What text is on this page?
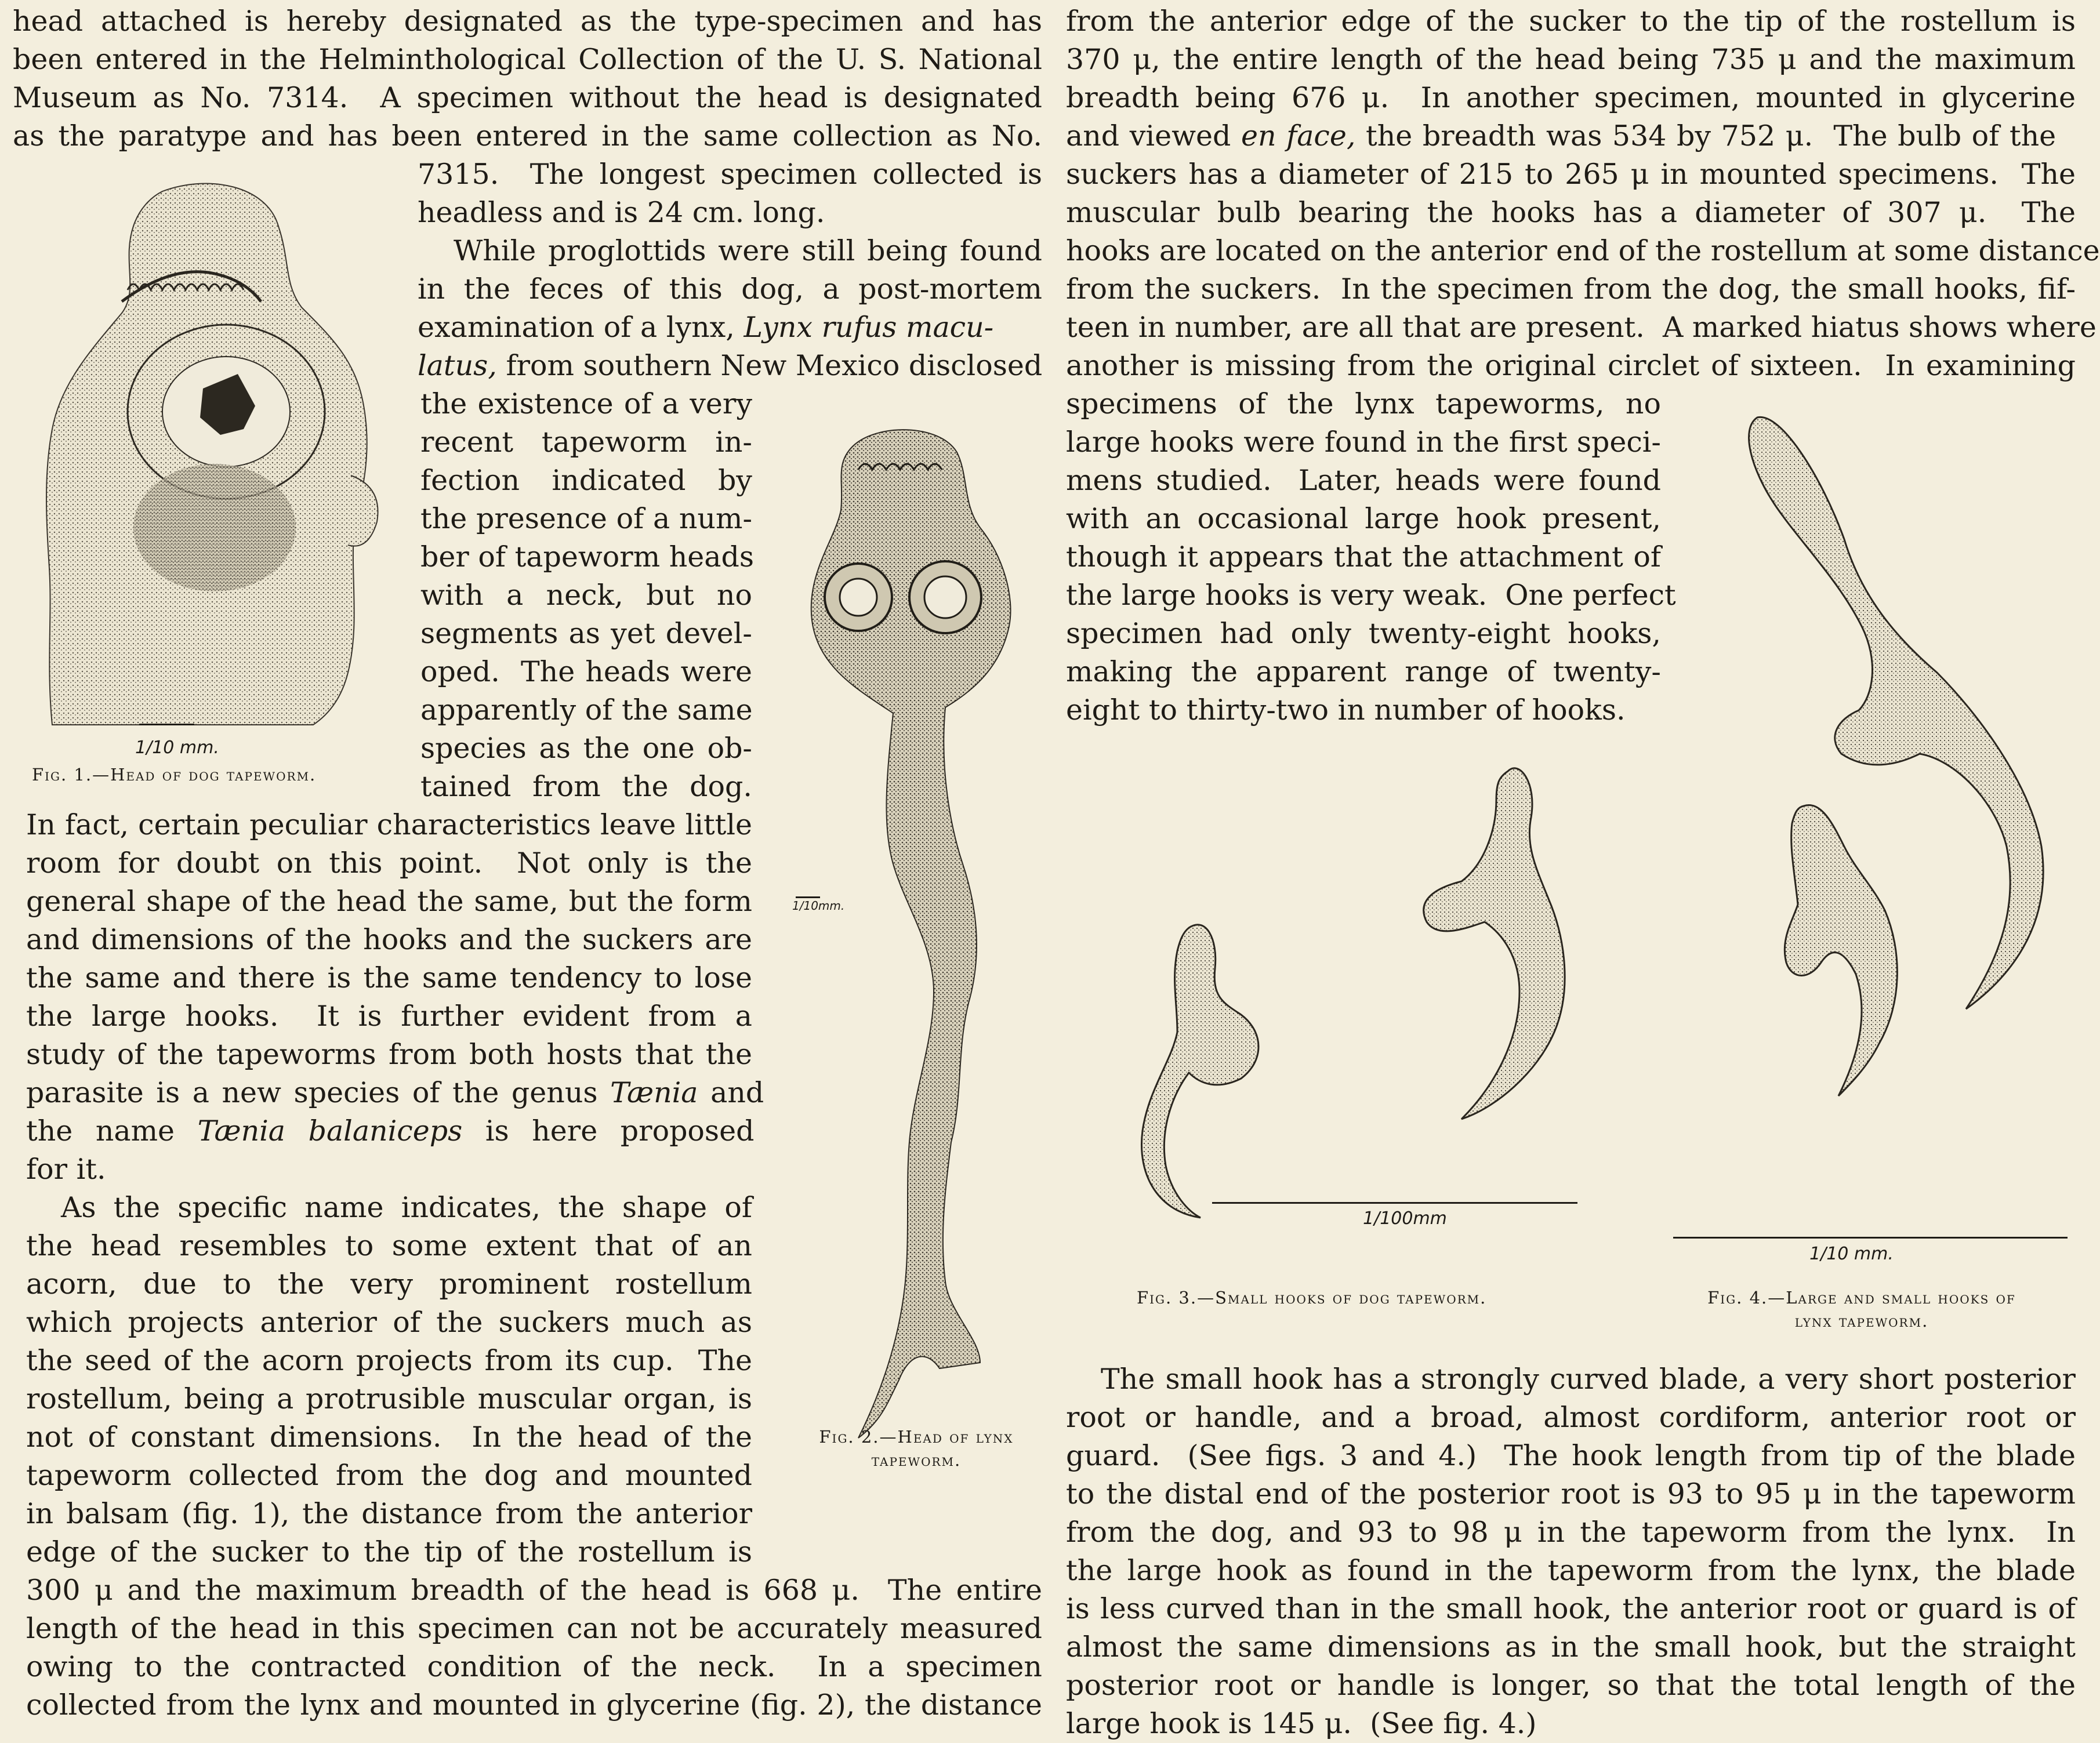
head attached is hereby designated as the type-specimen and has
been entered in the Helminthological Collection of the U. S. National
Museum as No. 7314.  A specimen without the head is designated
as the paratype and has been entered in the same collection as No.
7315.  The longest specimen collected is
headless and is 24 cm. long.
While proglottids were still being found
in the feces of this dog, a post-mortem
examination of a lynx, Lynx rufus macu-
latus, from southern New Mexico disclosed
the existence of a very
recent tapeworm in-
fection indicated by
the presence of a num-
ber of tapeworm heads
with a neck, but no
segments as yet devel-
oped.  The heads were
apparently of the same
species as the one ob-
tained from the dog.
In fact, certain peculiar characteristics leave little
room for doubt on this point.  Not only is the
general shape of the head the same, but the form
and dimensions of the hooks and the suckers are
the same and there is the same tendency to lose
the large hooks.  It is further evident from a
study of the tapeworms from both hosts that the
parasite is a new species of the genus Tænia and
the name Tænia balaniceps is here proposed
for it.
As the specific name indicates, the shape of
the head resembles to some extent that of an
acorn, due to the very prominent rostellum
which projects anterior of the suckers much as
the seed of the acorn projects from its cup.  The
rostellum, being a protrusible muscular organ, is
not of constant dimensions.  In the head of the
tapeworm collected from the dog and mounted
in balsam (fig. 1), the distance from the anterior
edge of the sucker to the tip of the rostellum is
300 μ and the maximum breadth of the head is 668 μ.  The entire
length of the head in this specimen can not be accurately measured
owing to the contracted condition of the neck.  In a specimen
collected from the lynx and mounted in glycerine (fig. 2), the distance
from the anterior edge of the sucker to the tip of the rostellum is
370 μ, the entire length of the head being 735 μ and the maximum
breadth being 676 μ.  In another specimen, mounted in glycerine
and viewed en face, the breadth was 534 by 752 μ.  The bulb of the
suckers has a diameter of 215 to 265 μ in mounted specimens.  The
muscular bulb bearing the hooks has a diameter of 307 μ.  The
hooks are located on the anterior end of the rostellum at some distance
from the suckers.  In the specimen from the dog, the small hooks, fif-
teen in number, are all that are present.  A marked hiatus shows where
another is missing from the original circlet of sixteen.  In examining
specimens of the lynx tapeworms, no
large hooks were found in the first speci-
mens studied.  Later, heads were found
with an occasional large hook present,
though it appears that the attachment of
the large hooks is very weak.  One perfect
specimen had only twenty-eight hooks,
making the apparent range of twenty-
eight to thirty-two in number of hooks.
The small hook has a strongly curved blade, a very short posterior
root or handle, and a broad, almost cordiform, anterior root or
guard.  (See figs. 3 and 4.)  The hook length from tip of the blade
to the distal end of the posterior root is 93 to 95 μ in the tapeworm
from the dog, and 93 to 98 μ in the tapeworm from the lynx.  In
the large hook as found in the tapeworm from the lynx, the blade
is less curved than in the small hook, the anterior root or guard is of
almost the same dimensions as in the small hook, but the straight
posterior root or handle is longer, so that the total length of the
large hook is 145 μ.  (See fig. 4.)
1/10 mm.
Fig. 1.—Head of dog tapeworm.
1/10mm.
Fig. 2.—Head of lynx
tapeworm.
1/100mm
Fig. 3.—Small hooks of dog tapeworm.
1/10 mm.
Fig. 4.—Large and small hooks of
lynx tapeworm.
